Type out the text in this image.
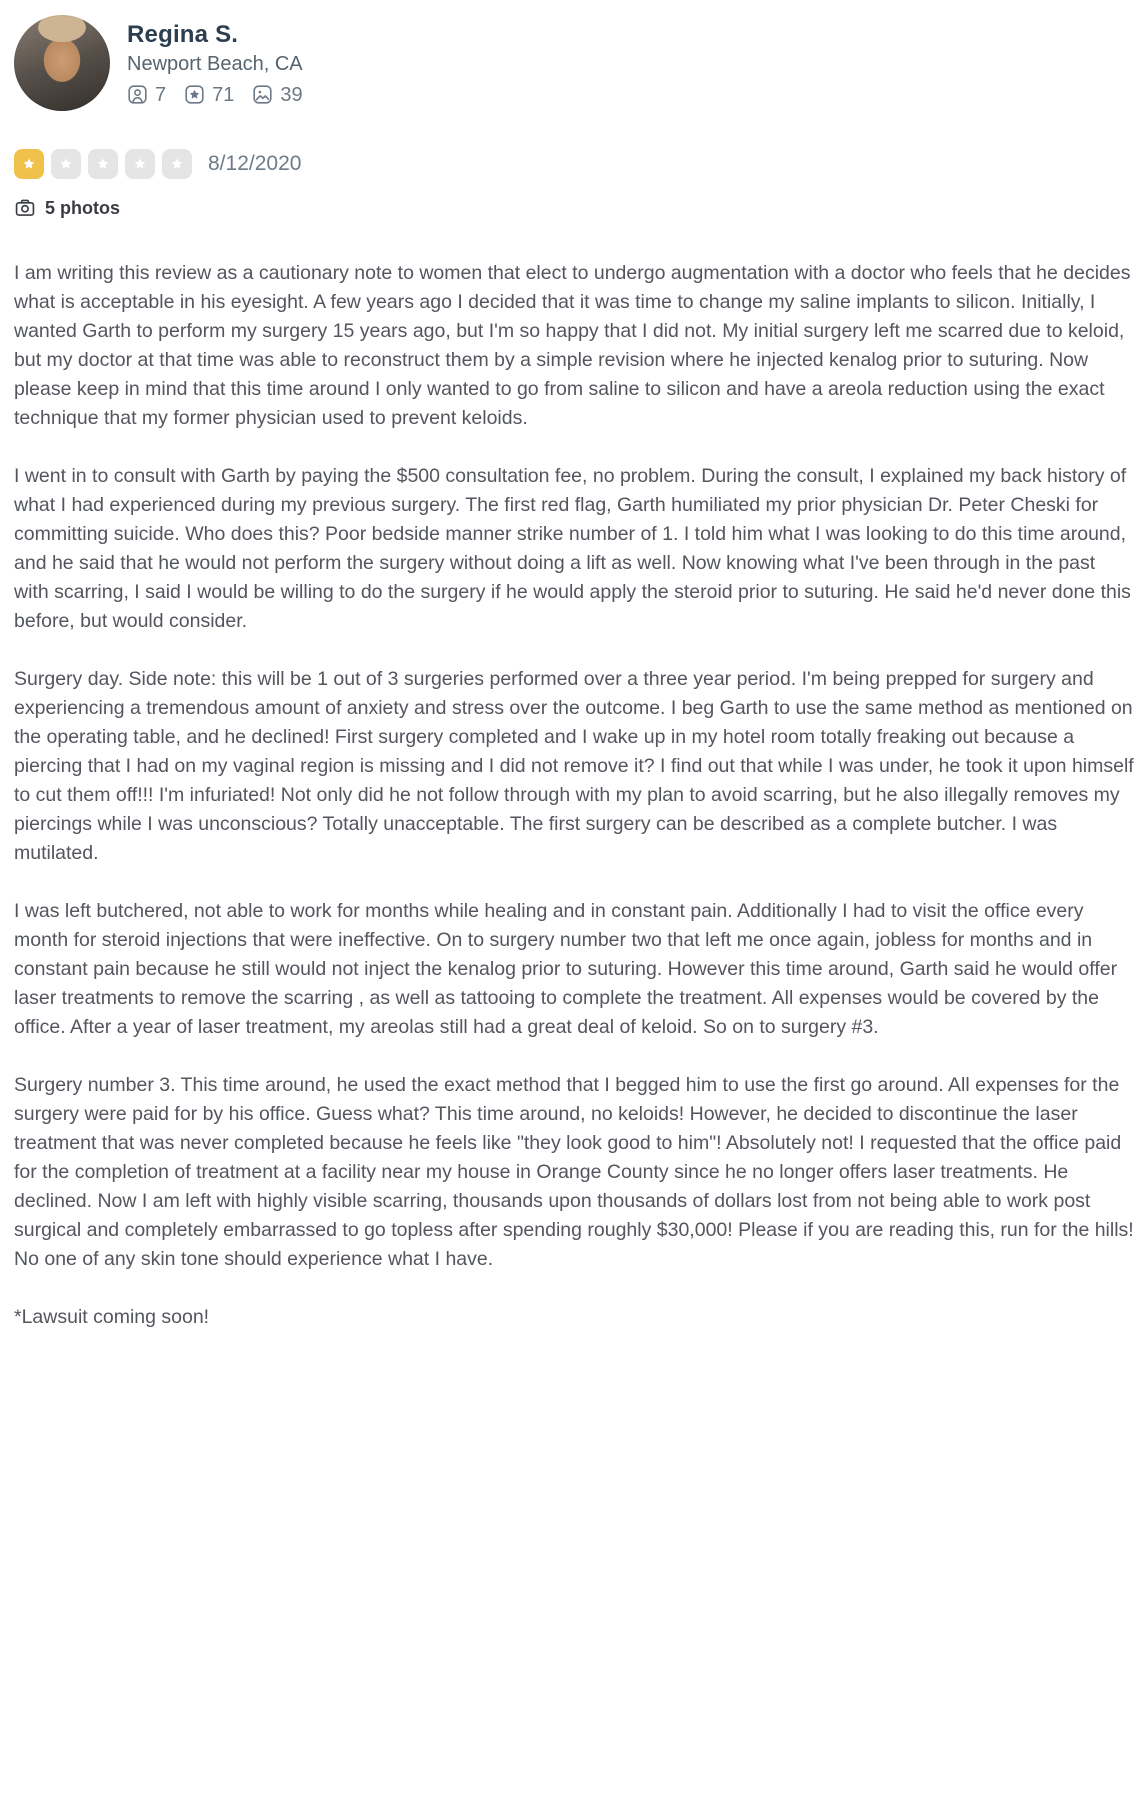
Regina S.

Newport Beach, CA

7 71 39
8/12/2020
5 photos

I am writing this review as a cautionary note to women that elect to undergo augmentation with a doctor who feels that he decides what is acceptable in his eyesight. A few years ago I decided that it was time to change my saline implants to silicon. Initially, I wanted Garth to perform my surgery 15 years ago, but I'm so happy that I did not. My initial surgery left me scarred due to keloid, but my doctor at that time was able to reconstruct them by a simple revision where he injected kenalog prior to suturing. Now please keep in mind that this time around I only wanted to go from saline to silicon and have a areola reduction using the exact technique that my former physician used to prevent keloids.

I went in to consult with Garth by paying the $500 consultation fee, no problem. During the consult, I explained my back history of what I had experienced during my previous surgery. The first red flag, Garth humiliated my prior physician Dr. Peter Cheski for committing suicide. Who does this? Poor bedside manner strike number of 1. I told him what I was looking to do this time around, and he said that he would not perform the surgery without doing a lift as well. Now knowing what I've been through in the past with scarring, I said I would be willing to do the surgery if he would apply the steroid prior to suturing. He said he'd never done this before, but would consider.

Surgery day. Side note: this will be 1 out of 3 surgeries performed over a three year period. I'm being prepped for surgery and experiencing a tremendous amount of anxiety and stress over the outcome. I beg Garth to use the same method as mentioned on the operating table, and he declined! First surgery completed and I wake up in my hotel room totally freaking out because a piercing that I had on my vaginal region is missing and I did not remove it? I find out that while I was under, he took it upon himself to cut them off!!! I'm infuriated! Not only did he not follow through with my plan to avoid scarring, but he also illegally removes my piercings while I was unconscious? Totally unacceptable. The first surgery can be described as a complete butcher. I was mutilated.

I was left butchered, not able to work for months while healing and in constant pain. Additionally I had to visit the office every month for steroid injections that were ineffective. On to surgery number two that left me once again, jobless for months and in constant pain because he still would not inject the kenalog prior to suturing. However this time around, Garth said he would offer laser treatments to remove the scarring , as well as tattooing to complete the treatment. All expenses would be covered by the office. After a year of laser treatment, my areolas still had a great deal of keloid. So on to surgery #3.

Surgery number 3. This time around, he used the exact method that I begged him to use the first go around. All expenses for the surgery were paid for by his office. Guess what? This time around, no keloids! However, he decided to discontinue the laser treatment that was never completed because he feels like "they look good to him"! Absolutely not! I requested that the office paid for the completion of treatment at a facility near my house in Orange County since he no longer offers laser treatments. He declined. Now I am left with highly visible scarring, thousands upon thousands of dollars lost from not being able to work post surgical and completely embarrassed to go topless after spending roughly $30,000! Please if you are reading this, run for the hills! No one of any skin tone should experience what I have.

*Lawsuit coming soon!
